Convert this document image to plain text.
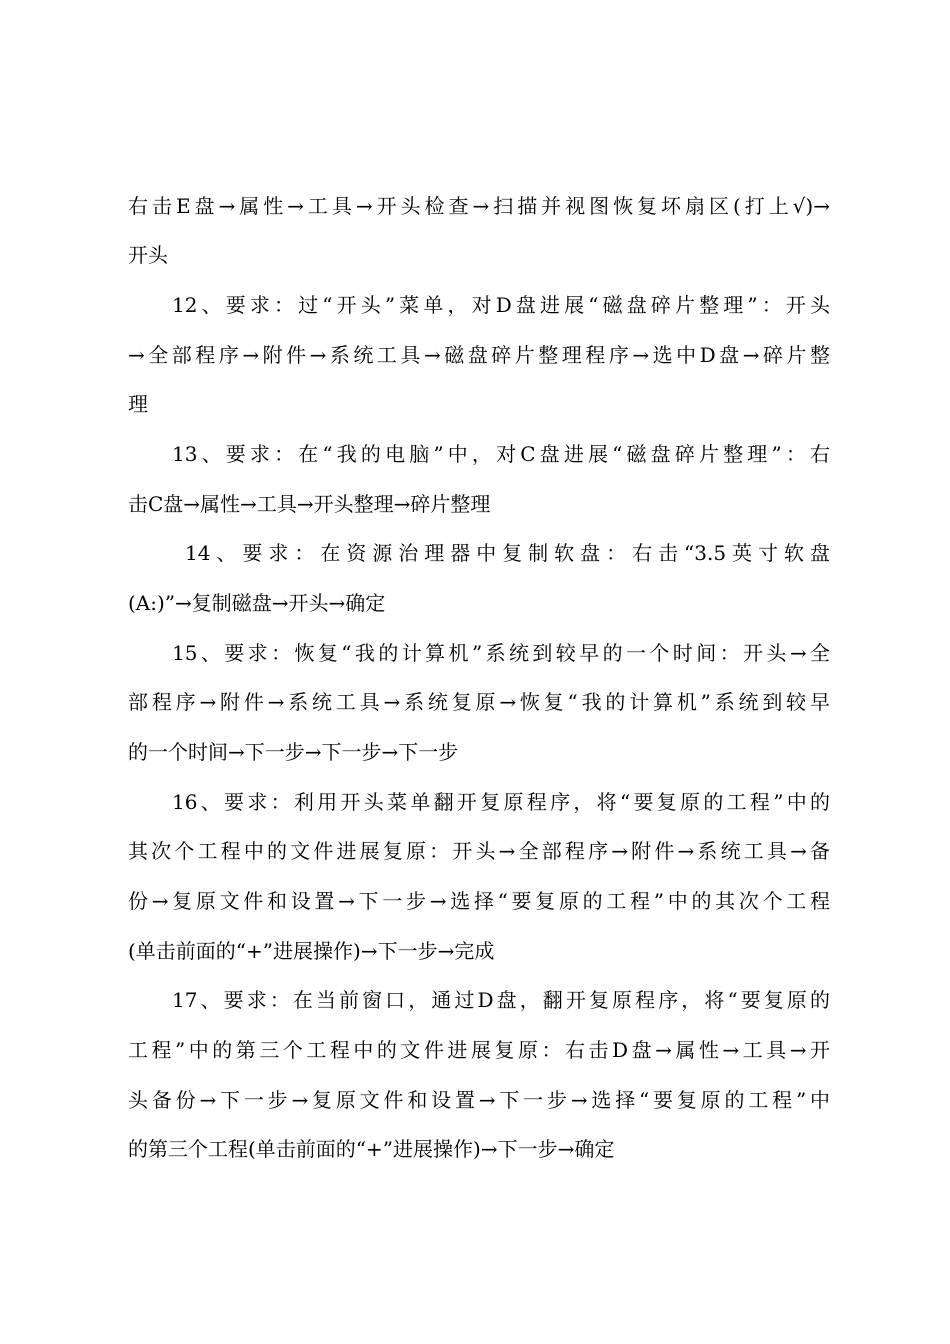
右击E盘→属性→工具→开头检查→扫描并视图恢复坏扇区(打上√)→
开头
12、要求：过“开头”菜单，对D盘进展“磁盘碎片整理”：开头
→全部程序→附件→系统工具→磁盘碎片整理程序→选中D盘→碎片整
理
13、要求：在“我的电脑”中，对C盘进展“磁盘碎片整理”：右
击C盘→属性→工具→开头整理→碎片整理
14、要求：在资源治理器中复制软盘：右击“3.5英寸软盘
(A:)”→复制磁盘→开头→确定
15、要求：恢复“我的计算机”系统到较早的一个时间：开头→全
部程序→附件→系统工具→系统复原→恢复“我的计算机”系统到较早
的一个时间→下一步→下一步→下一步
16、要求：利用开头菜单翻开复原程序，将“要复原的工程”中的
其次个工程中的文件进展复原：开头→全部程序→附件→系统工具→备
份→复原文件和设置→下一步→选择“要复原的工程”中的其次个工程
(单击前面的“+”进展操作)→下一步→完成
17、要求：在当前窗口，通过D盘，翻开复原程序，将“要复原的
工程”中的第三个工程中的文件进展复原：右击D盘→属性→工具→开
头备份→下一步→复原文件和设置→下一步→选择“要复原的工程”中
的第三个工程(单击前面的“+”进展操作)→下一步→确定
